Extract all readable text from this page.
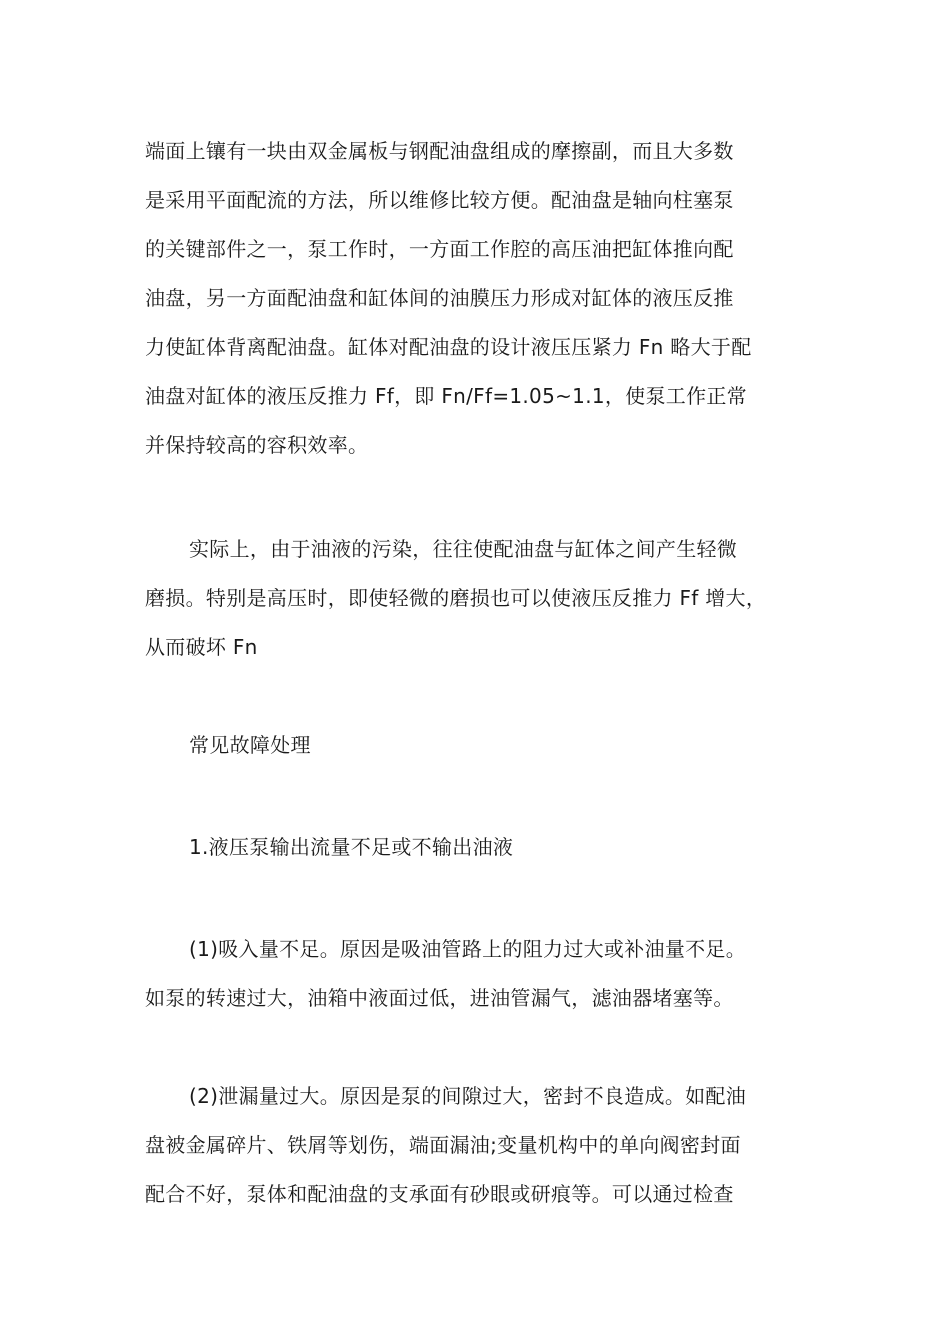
端面上镶有一块由双金属板与钢配油盘组成的摩擦副，而且大多数
是采用平面配流的方法，所以维修比较方便。配油盘是轴向柱塞泵
的关键部件之一，泵工作时，一方面工作腔的高压油把缸体推向配
油盘，另一方面配油盘和缸体间的油膜压力形成对缸体的液压反推
力使缸体背离配油盘。缸体对配油盘的设计液压压紧力 Fn 略大于配
油盘对缸体的液压反推力 Ff，即 Fn/Ff=1.05~1.1，使泵工作正常
并保持较高的容积效率。
实际上，由于油液的污染，往往使配油盘与缸体之间产生轻微
磨损。特别是高压时，即使轻微的磨损也可以使液压反推力 Ff 增大，
从而破坏 Fn
常见故障处理
1.液压泵输出流量不足或不输出油液
(1)吸入量不足。原因是吸油管路上的阻力过大或补油量不足。
如泵的转速过大，油箱中液面过低，进油管漏气，滤油器堵塞等。
(2)泄漏量过大。原因是泵的间隙过大，密封不良造成。如配油
盘被金属碎片、铁屑等划伤，端面漏油;变量机构中的单向阀密封面
配合不好，泵体和配油盘的支承面有砂眼或研痕等。可以通过检查
